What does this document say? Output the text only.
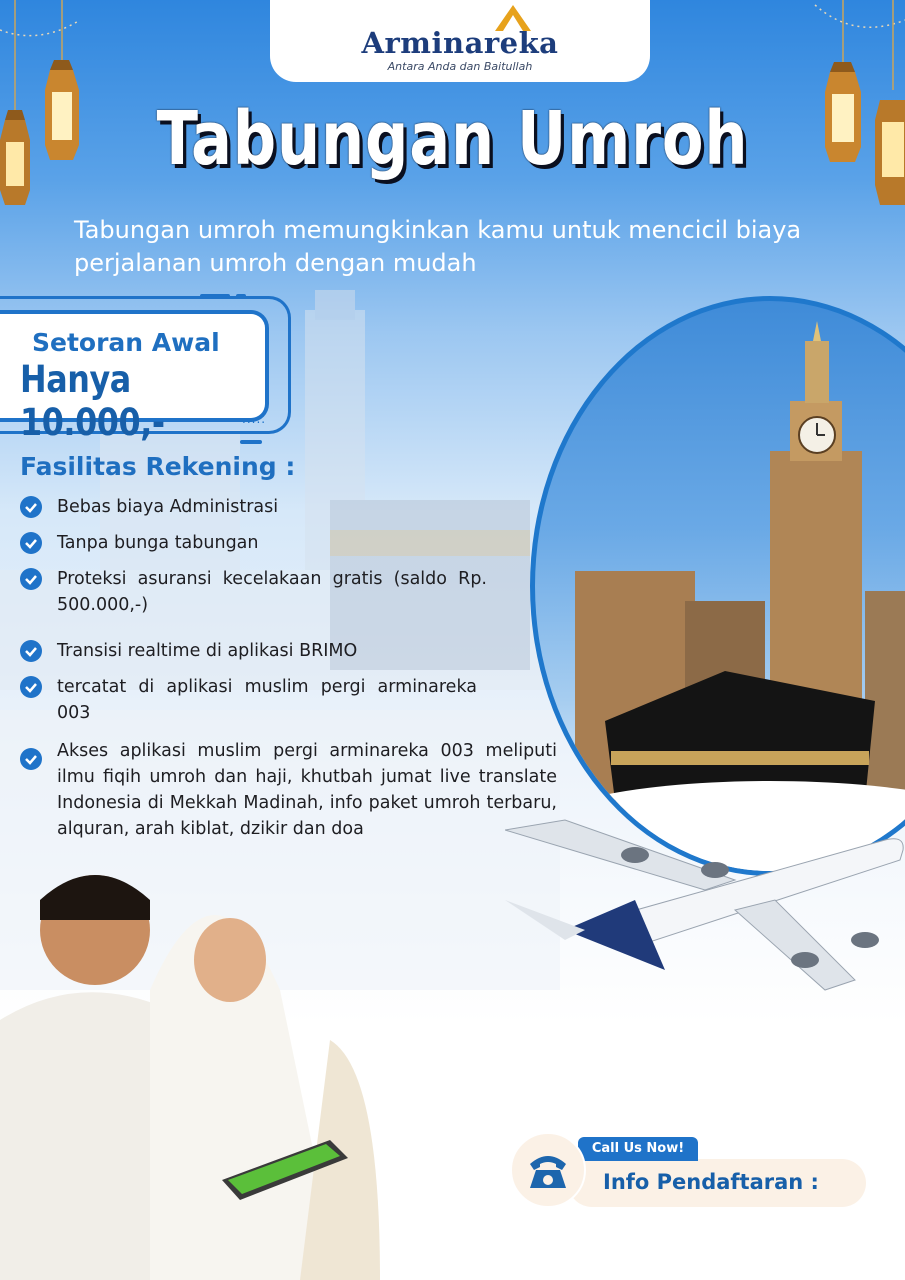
Arminareka
Antara Anda dan Baitullah
Tabungan Umroh
Tabungan umroh memungkinkan kamu untuk mencicil biaya perjalanan umroh dengan mudah
Setoran Awal
Hanya 10.000,-	.....
Fasilitas Rekening :
Bebas biaya Administrasi
Tanpa bunga tabungan
Proteksi asuransi kecelakaan gratis (saldo Rp. 500.000,-)
Transisi realtime di aplikasi BRIMO
tercatat di aplikasi muslim pergi arminareka 003
Akses aplikasi muslim pergi arminareka 003 meliputi ilmu fiqih umroh dan haji, khutbah jumat live translate Indonesia di Mekkah Madinah, info paket umroh terbaru, alquran, arah kiblat, dzikir dan doa
Call Us Now!
Info Pendaftaran :
